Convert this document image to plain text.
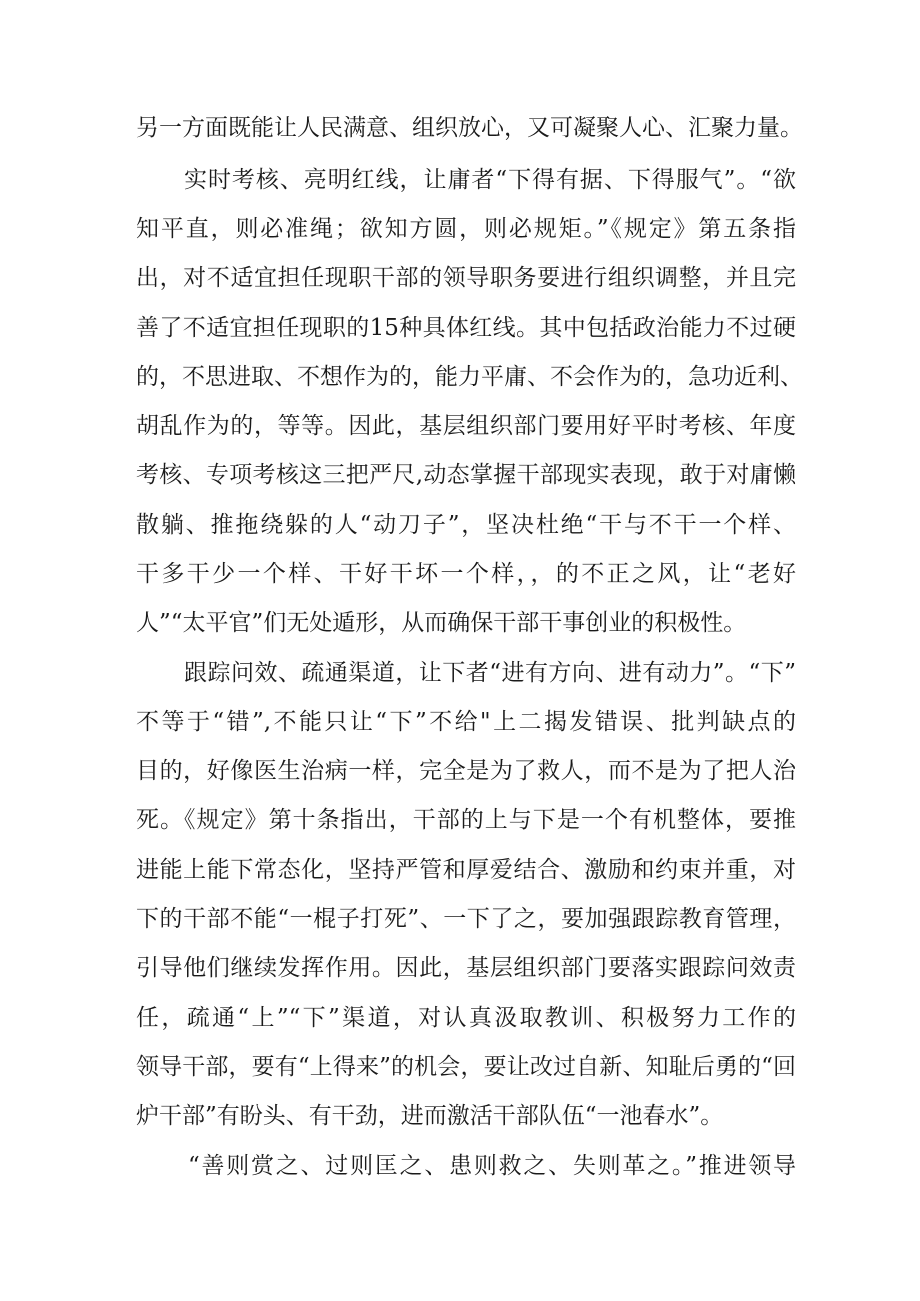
另一方面既能让人民满意、组织放心，又可凝聚人心、汇聚力量。
实时考核、亮明红线，让庸者“下得有据、下得服气”。“欲
知平直，则必准绳；欲知方圆，则必规矩。”《规定》第五条指
出，对不适宜担任现职干部的领导职务要进行组织调整，并且完
善了不适宜担任现职的15种具体红线。其中包括政治能力不过硬
的，不思进取、不想作为的，能力平庸、不会作为的，急功近利、
胡乱作为的，等等。因此，基层组织部门要用好平时考核、年度
考核、专项考核这三把严尺,动态掌握干部现实表现，敢于对庸懒
散躺、推拖绕躲的人“动刀子”，坚决杜绝“干与不干一个样、
干多干少一个样、干好干坏一个样，，的不正之风，让“老好
人”“太平官”们无处遁形，从而确保干部干事创业的积极性。
跟踪问效、疏通渠道，让下者“进有方向、进有动力”。“下”
不等于“错”,不能只让“下”不给"上二揭发错误、批判缺点的
目的，好像医生治病一样，完全是为了救人，而不是为了把人治
死。《规定》第十条指出，干部的上与下是一个有机整体，要推
进能上能下常态化，坚持严管和厚爱结合、激励和约束并重，对
下的干部不能“一棍子打死”、一下了之，要加强跟踪教育管理，
引导他们继续发挥作用。因此，基层组织部门要落实跟踪问效责
任，疏通“上”“下”渠道，对认真汲取教训、积极努力工作的
领导干部，要有“上得来”的机会，要让改过自新、知耻后勇的“回
炉干部”有盼头、有干劲，进而激活干部队伍“一池春水”。
“善则赏之、过则匡之、患则救之、失则革之。”推进领导
